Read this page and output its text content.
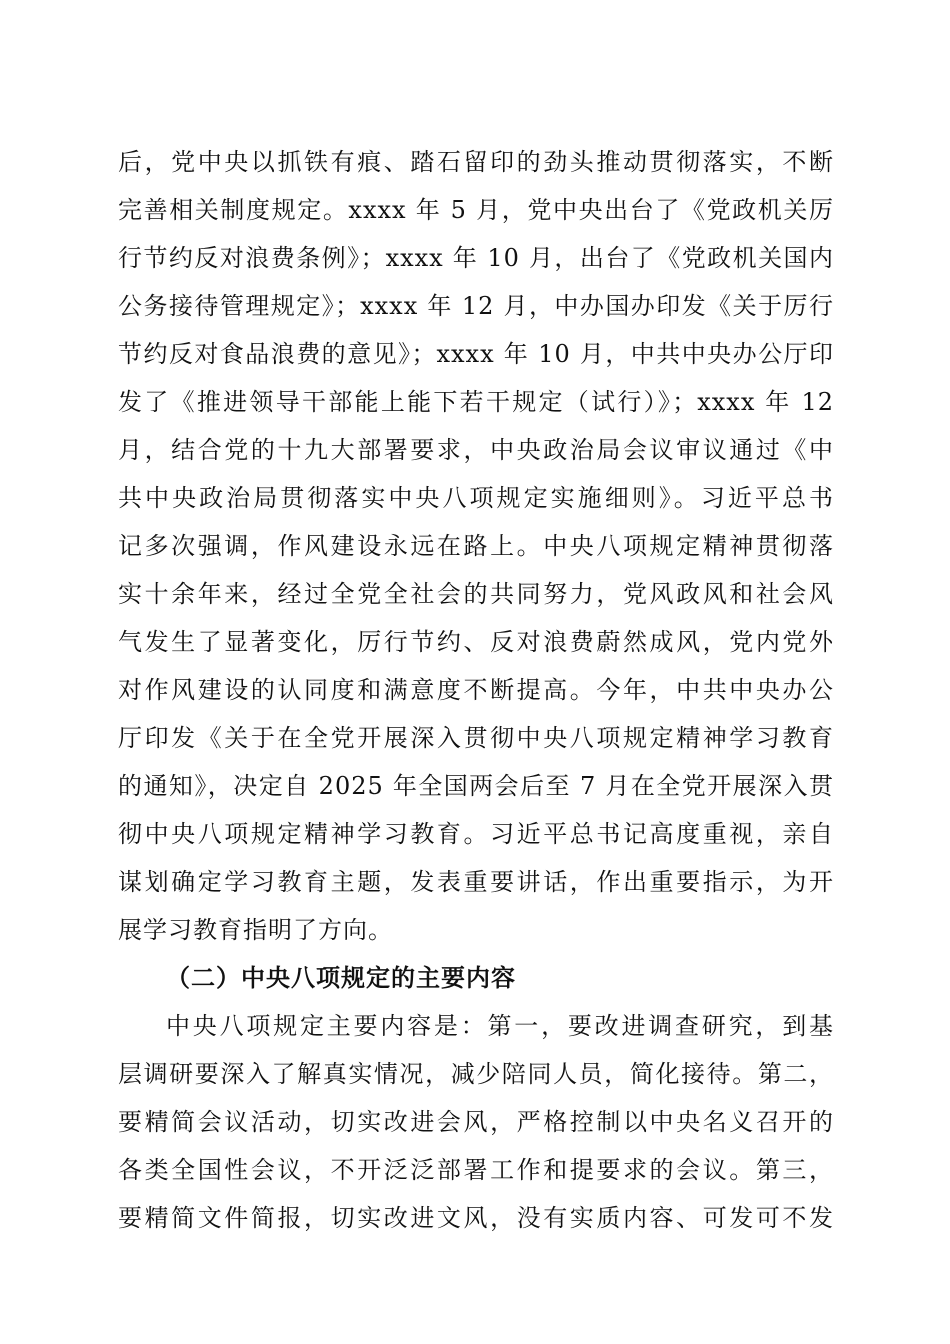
后，党中央以抓铁有痕、踏石留印的劲头推动贯彻落实，不断
完善相关制度规定。xxxx 年 5 月，党中央出台了《党政机关厉
行节约反对浪费条例》；xxxx 年 10 月，出台了《党政机关国内
公务接待管理规定》；xxxx 年 12 月，中办国办印发《关于厉行
节约反对食品浪费的意见》；xxxx 年 10 月，中共中央办公厅印
发了《推进领导干部能上能下若干规定（试行）》；xxxx 年 12
月，结合党的十九大部署要求，中央政治局会议审议通过《中
共中央政治局贯彻落实中央八项规定实施细则》。习近平总书
记多次强调，作风建设永远在路上。中央八项规定精神贯彻落
实十余年来，经过全党全社会的共同努力，党风政风和社会风
气发生了显著变化，厉行节约、反对浪费蔚然成风，党内党外
对作风建设的认同度和满意度不断提高。今年，中共中央办公
厅印发《关于在全党开展深入贯彻中央八项规定精神学习教育
的通知》，决定自 2025 年全国两会后至 7 月在全党开展深入贯
彻中央八项规定精神学习教育。习近平总书记高度重视，亲自
谋划确定学习教育主题，发表重要讲话，作出重要指示，为开
展学习教育指明了方向。
（二）中央八项规定的主要内容
中央八项规定主要内容是：第一，要改进调查研究，到基
层调研要深入了解真实情况，减少陪同人员，简化接待。第二，
要精简会议活动，切实改进会风，严格控制以中央名义召开的
各类全国性会议，不开泛泛部署工作和提要求的会议。第三，
要精简文件简报，切实改进文风，没有实质内容、可发可不发
